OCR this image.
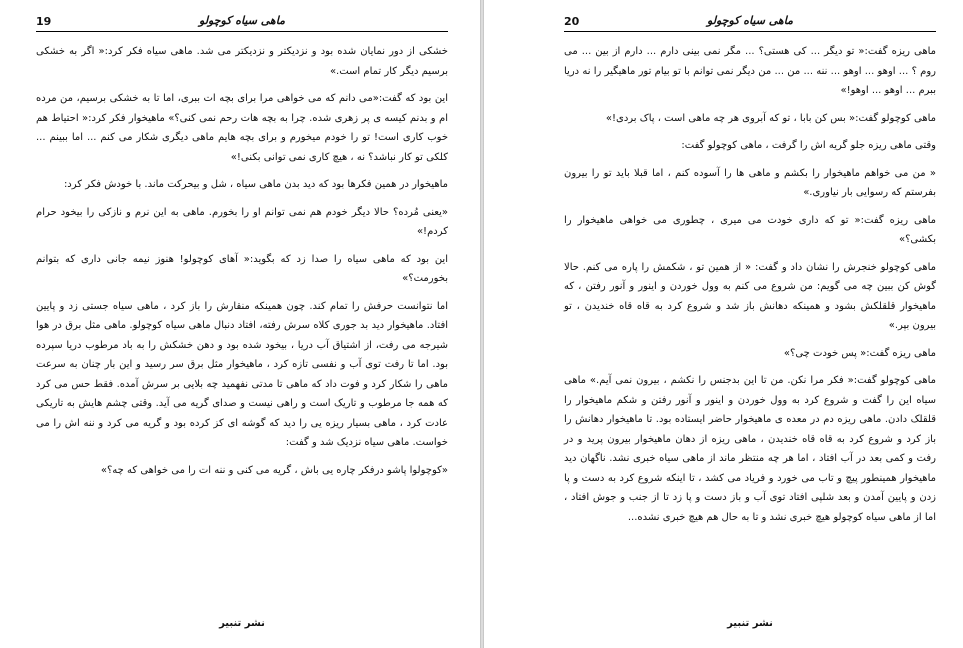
19	ماهی سیاه کوچولو

خشکی از دور نمایان شده بود و نزدیکتر و نزدیکتر می شد. ماهی سیاه فکر کرد:« اگر به خشکی برسیم دیگر کار تمام است.»

این بود که گفت:«می دانم که می خواهی مرا برای بچه ات ببری، اما تا به خشکی برسیم، من مرده ام و بدنم کیسه ی پر زهری شده. چرا به بچه هات رحم نمی کنی؟» ماهیخوار فکر کرد:« احتیاط هم خوب کاری است! تو را خودم میخورم و برای بچه هایم ماهی دیگری شکار می کنم ... اما ببینم ... کلکی تو کار نباشد؟ نه ، هیچ کاری نمی توانی بکنی!»

ماهیخوار در همین فکرها بود که دید بدن ماهی سیاه ، شل و بیحرکت ماند. با خودش فکر کرد:

«یعنی مُرده؟ حالا دیگر خودم هم نمی توانم او را بخورم. ماهی به این نرم و نازکی را بیخود حرام کردم!»

این بود که ماهی سیاه را صدا زد که بگوید:« آهای کوچولو! هنوز نیمه جانی داری که بتوانم بخورمت؟»

اما نتوانست حرفش را تمام کند. چون همینکه منقارش را باز کرد ، ماهی سیاه جستی زد و پایین افتاد. ماهیخوار دید بد جوری کلاه سرش رفته، افتاد دنبال ماهی سیاه کوچولو. ماهی مثل برق در هوا شیرجه می رفت، از اشتیاق آب دریا ، بیخود شده بود و دهن خشکش را به باد مرطوب دریا سپرده بود. اما تا رفت توی آب و نفسی تازه کرد ، ماهیخوار مثل برق سر رسید و این بار چنان به سرعت ماهی را شکار کرد و فوت داد که ماهی تا مدتی نفهمید چه بلایی بر سرش آمده. فقط حس می کرد که همه جا مرطوب و تاریک است و راهی نیست و صدای گریه می آید. وقتی چشم هایش به تاریکی عادت کرد ، ماهی بسیار ریزه یی را دید که گوشه ای کز کرده بود و گریه می کرد و ننه اش را می خواست. ماهی سیاه نزدیک شد و گفت:

«کوچولوا پاشو درفکر چاره یی باش ، گریه می کنی و ننه ات را می خواهی که چه؟»

نشر تنبیر
20	ماهی سیاه کوچولو

ماهی ریزه گفت:« تو دیگر ... کی هستی؟ ... مگر نمی بینی دارم ... دارم از بین ... می روم ؟ ... اوهو ... اوهو ... ننه ... من ... من دیگر نمی توانم با تو بیام تور ماهیگیر را نه دریا ببرم ... اوهو ... اوهو!»

ماهی کوچولو گفت:« بس کن بابا ، تو که آبروی هر چه ماهی است ، پاک بردی!»

وقتی ماهی ریزه جلو گریه اش را گرفت ، ماهی کوچولو گفت:

« من می خواهم ماهیخوار را بکشم و ماهی ها را آسوده کنم ، اما قبلا باید تو را بیرون بفرستم که رسوایی بار نیاوری.»

ماهی ریزه گفت:« تو که داری خودت می میری ، چطوری می خواهی ماهیخوار را بکشی؟»

ماهی کوچولو خنجرش را نشان داد و گفت: « از همین تو ، شکمش را پاره می کنم. حالا گوش کن ببین چه می گویم: من شروع می کنم به وول خوردن و اینور و آنور رفتن ، که ماهیخوار قلقلکش بشود و همینکه دهانش باز شد و شروع کرد به قاه قاه خندیدن ، تو بیرون بپر.»

ماهی ریزه گفت:« پس خودت چی؟»

ماهی کوچولو گفت:« فکر مرا نکن. من تا این بدجنس را نکشم ، بیرون نمی آیم.» ماهی سیاه این را گفت و شروع کرد به وول خوردن و اینور و آنور رفتن و شکم ماهیخوار را قلقلک دادن. ماهی ریزه دم در معده ی ماهیخوار حاضر ایستاده بود. تا ماهیخوار دهانش را باز کرد و شروع کرد به قاه قاه خندیدن ، ماهی ریزه از دهان ماهیخوار بیرون پرید و در رفت و کمی بعد در آب افتاد ، اما هر چه منتظر ماند از ماهی سیاه خبری نشد. ناگهان دید ماهیخوار همینطور پیچ و تاب می خورد و فریاد می کشد ، تا اینکه شروع کرد به دست و پا زدن و پایین آمدن و بعد شلپی افتاد توی آب و باز دست و پا زد تا از جنب و جوش افتاد ، اما از ماهی سیاه کوچولو هیچ خبری نشد و تا به حال هم هیچ خبری نشده...

نشر تنبیر
